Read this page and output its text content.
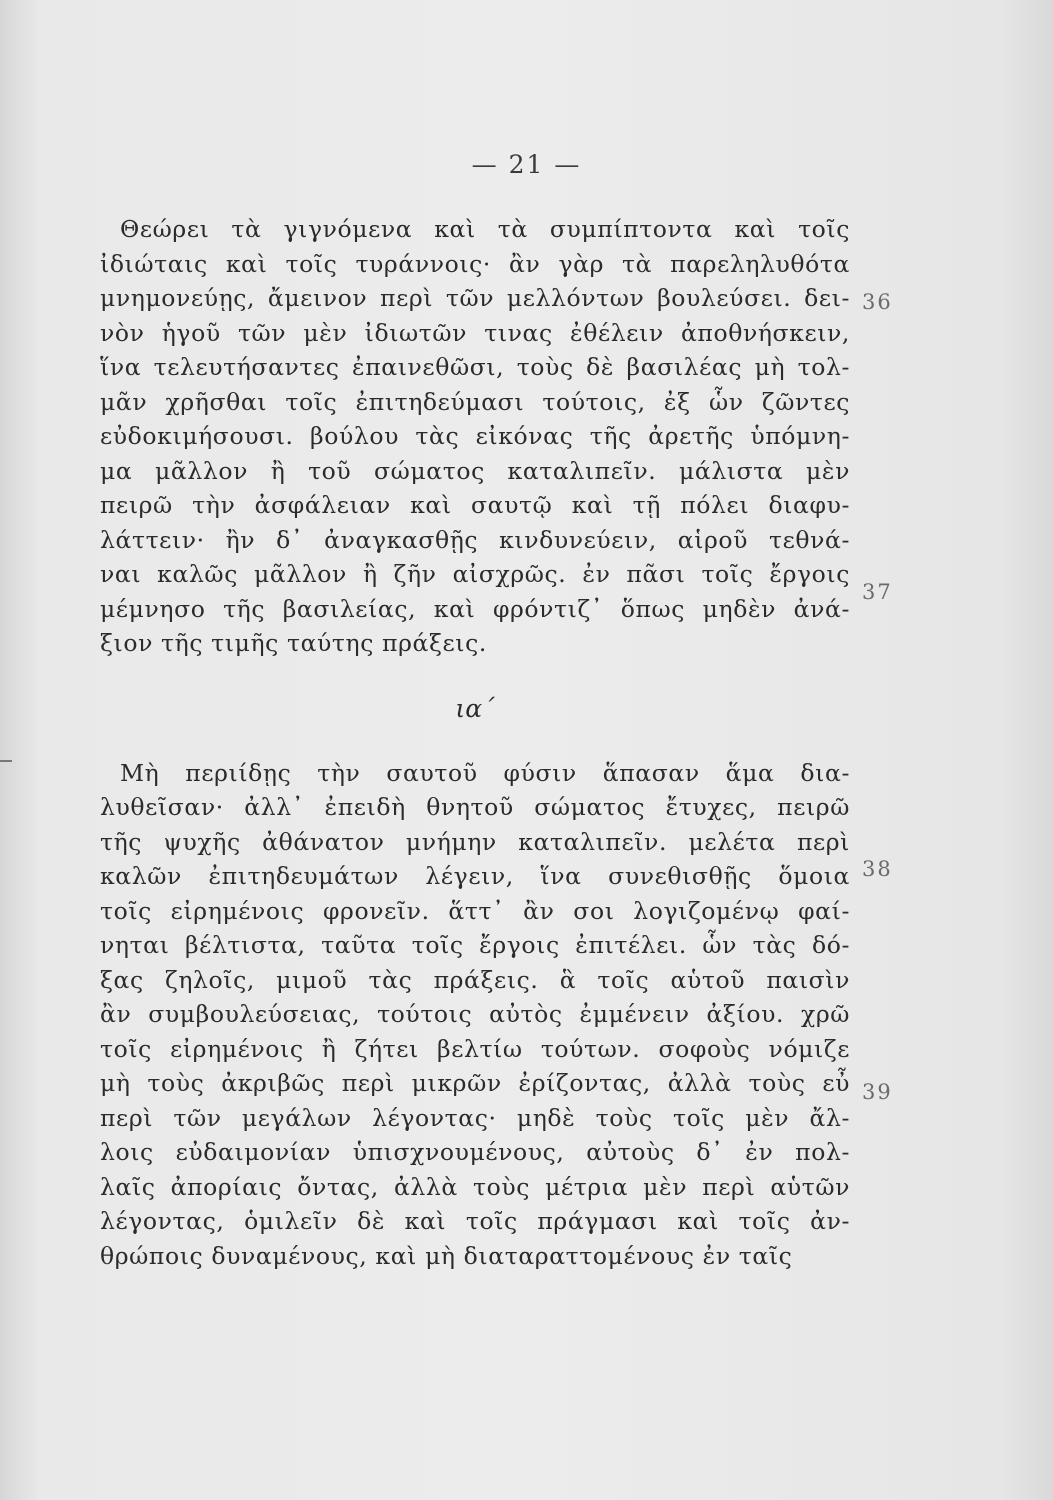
— 21 —
Θεώρει τὰ γιγνόμενα καὶ τὰ συμπίπτοντα καὶ τοῖς
ἰδιώταις καὶ τοῖς τυράννοις· ἂν γὰρ τὰ παρεληλυθότα
μνημονεύῃς, ἄμεινον περὶ τῶν μελλόντων βουλεύσει. δει-
νὸν ἡγοῦ τῶν μὲν ἰδιωτῶν τινας ἐθέλειν ἀποθνήσκειν,
ἵνα τελευτήσαντες ἐπαινεθῶσι, τοὺς δὲ βασιλέας μὴ τολ-
μᾶν χρῆσθαι τοῖς ἐπιτηδεύμασι τούτοις, ἐξ ὧν ζῶντες
εὐδοκιμήσουσι. βούλου τὰς εἰκόνας τῆς ἀρετῆς ὑπόμνη-
μα μᾶλλον ἢ τοῦ σώματος καταλιπεῖν. μάλιστα μὲν
πειρῶ τὴν ἀσφάλειαν καὶ σαυτῷ καὶ τῇ πόλει διαφυ-
λάττειν· ἢν δ᾽ ἀναγκασθῇς κινδυνεύειν, αἱροῦ τεθνά-
ναι καλῶς μᾶλλον ἢ ζῆν αἰσχρῶς. ἐν πᾶσι τοῖς ἔργοις
μέμνησο τῆς βασιλείας, καὶ φρόντιζ᾽ ὅπως μηδὲν ἀνά-
ξιον τῆς τιμῆς ταύτης πράξεις.
ια´
Μὴ περιίδῃς τὴν σαυτοῦ φύσιν ἅπασαν ἅμα δια-
λυθεῖσαν· ἀλλ᾽ ἐπειδὴ θνητοῦ σώματος ἔτυχες, πειρῶ
τῆς ψυχῆς ἀθάνατον μνήμην καταλιπεῖν. μελέτα περὶ
καλῶν ἐπιτηδευμάτων λέγειν, ἵνα συνεθισθῇς ὅμοια
τοῖς εἰρημένοις φρονεῖν. ἅττ᾽ ἂν σοι λογιζομένῳ φαί-
νηται βέλτιστα, ταῦτα τοῖς ἔργοις ἐπιτέλει. ὧν τὰς δό-
ξας ζηλοῖς, μιμοῦ τὰς πράξεις. ἃ τοῖς αὑτοῦ παισὶν
ἂν συμβουλεύσειας, τούτοις αὐτὸς ἐμμένειν ἀξίου. χρῶ
τοῖς εἰρημένοις ἢ ζήτει βελτίω τούτων. σοφοὺς νόμιζε
μὴ τοὺς ἀκριβῶς περὶ μικρῶν ἐρίζοντας, ἀλλὰ τοὺς εὖ
περὶ τῶν μεγάλων λέγοντας· μηδὲ τοὺς τοῖς μὲν ἄλ-
λοις εὐδαιμονίαν ὑπισχνουμένους, αὐτοὺς δ᾽ ἐν πολ-
λαῖς ἀπορίαις ὄντας, ἀλλὰ τοὺς μέτρια μὲν περὶ αὑτῶν
λέγοντας, ὁμιλεῖν δὲ καὶ τοῖς πράγμασι καὶ τοῖς ἀν-
θρώποις δυναμένους, καὶ μὴ διαταραττομένους ἐν ταῖς
36
37
38
39
